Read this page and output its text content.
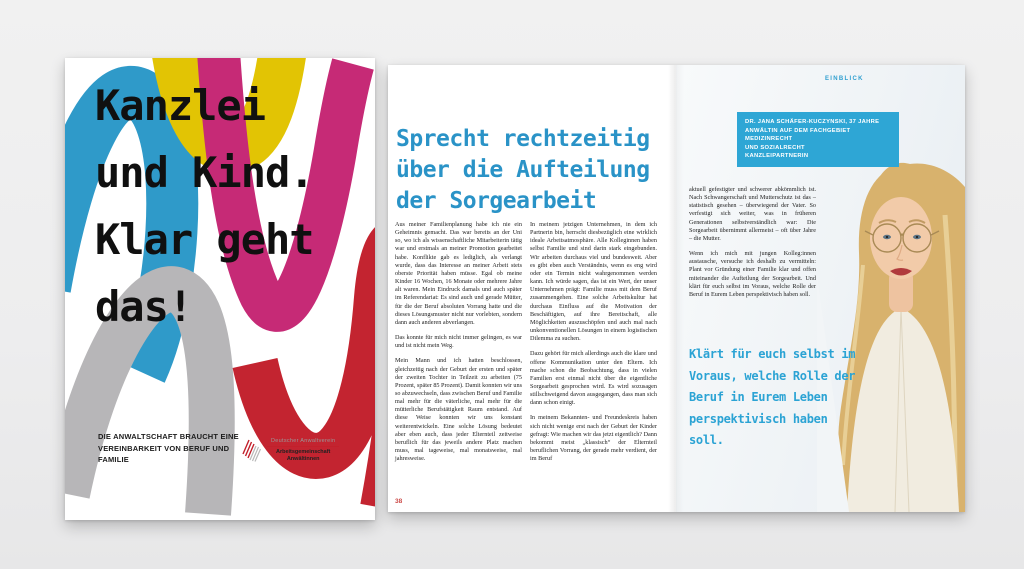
Kanzlei
und Kind.
Klar geht
das!
DIE ANWALTSCHAFT BRAUCHT EINE
VEREINBARKEIT VON BERUF UND
FAMILIE
Deutscher Anwaltverein
Arbeitsgemeinschaft
Anwältinnen
Sprecht rechtzeitig
über die Aufteilung
der Sorgearbeit

Aus meiner Familienplanung habe ich nie ein Geheimnis gemacht. Das war bereits an der Uni so, wo ich als wissenschaftliche Mitarbeiterin tätig war und erstmals an meiner Promotion gearbeitet habe. Konflikte gab es lediglich, als verlangt wurde, dass das Interesse an meiner Arbeit stets oberste Priorität haben müsse. Egal ob meine Kinder 16 Wochen, 16 Monate oder mehrere Jahre alt waren. Mein Eindruck damals und auch später im Referendariat: Es sind auch und gerade Mütter, für die der Beruf absoluten Vorrang hatte und die dieses Lösungsmuster nicht nur vorlebten, sondern dann auch anderen abverlangen.

Das konnte für mich nicht immer gelingen, es war und ist nicht mein Weg.

Mein Mann und ich hatten beschlossen, gleichzeitig nach der Geburt der ersten und später der zweiten Tochter in Teilzeit zu arbeiten (75 Prozent, später 85 Prozent). Damit konnten wir uns so abzuwechseln, dass zwischen Beruf und Familie mal mehr für die väterliche, mal mehr für die mütterliche Berufstätigkeit Raum entstand. Auf diese Weise konnten wir uns konstant weiterentwickeln. Eine solche Lösung bedeutet aber eben auch, dass jeder Elternteil zeitweise beruflich für das jeweils andere Platz machen muss, mal tageweise, mal monatsweise, mal jahresweise.

In meinem jetzigen Unternehmen, in dem ich Partnerin bin, herrscht diesbezüglich eine wirklich ideale Arbeitsatmosphäre. Alle Kolleginnen haben selbst Familie und sind darin stark eingebunden. Wir arbeiten durchaus viel und bundesweit. Aber es gibt eben auch Verständnis, wenn es eng wird oder ein Termin nicht wahrgenommen werden kann. Ich würde sagen, das ist ein Wert, der unser Unternehmen prägt: Familie muss mit dem Beruf zusammengehen. Eine solche Arbeitskultur hat durchaus Einfluss auf die Motivation der Beschäftigten, auf ihre Bereitschaft, alle Möglichkeiten auszuschöpfen und auch mal nach unkonventionellen Lösungen in einem logistischen Dilemma zu suchen.

Dazu gehört für mich allerdings auch die klare und offene Kommunikation unter den Eltern. Ich mache schon die Beobachtung, dass in vielen Familien erst einmal nicht über die eigentliche Sorgearbeit gesprochen wird. Es wird sozusagen stillschweigend davon ausgegangen, dass man sich dann schon einigt.

In meinem Bekannten- und Freundeskreis haben sich nicht wenige erst nach der Geburt der Kinder gefragt: Wie machen wir das jetzt eigentlich? Dann bekommt meist „klassisch“ der Elternteil beruflichen Vorrang, der gerade mehr verdient, der im Beruf

38
EINBLICK
DR. JANA SCHÄFER-KUCZYNSKI, 37 JAHRE
ANWÄLTIN AUF DEM FACHGEBIET MEDIZINRECHT
UND SOZIALRECHT
KANZLEIPARTNERIN

aktuell gefestigter und schwerer abkömmlich ist. Nach Schwangerschaft und Mutterschutz ist das – statistisch gesehen – überwiegend der Vater. So verfestigt sich weiter, was in früheren Generationen selbstverständlich war: Die Sorgearbeit übernimmt allermeist – oft über Jahre – die Mutter.

Wenn ich mich mit jungen Kolleg:innen austausche, versuche ich deshalb zu vermitteln: Plant vor Gründung einer Familie klar und offen miteinander die Aufteilung der Sorgearbeit. Und klärt für euch selbst im Voraus, welche Rolle der Beruf in Eurem Leben perspektivisch haben soll.

Klärt für euch selbst im Voraus, welche Rolle der Beruf in Eurem Leben perspektivisch haben soll.
